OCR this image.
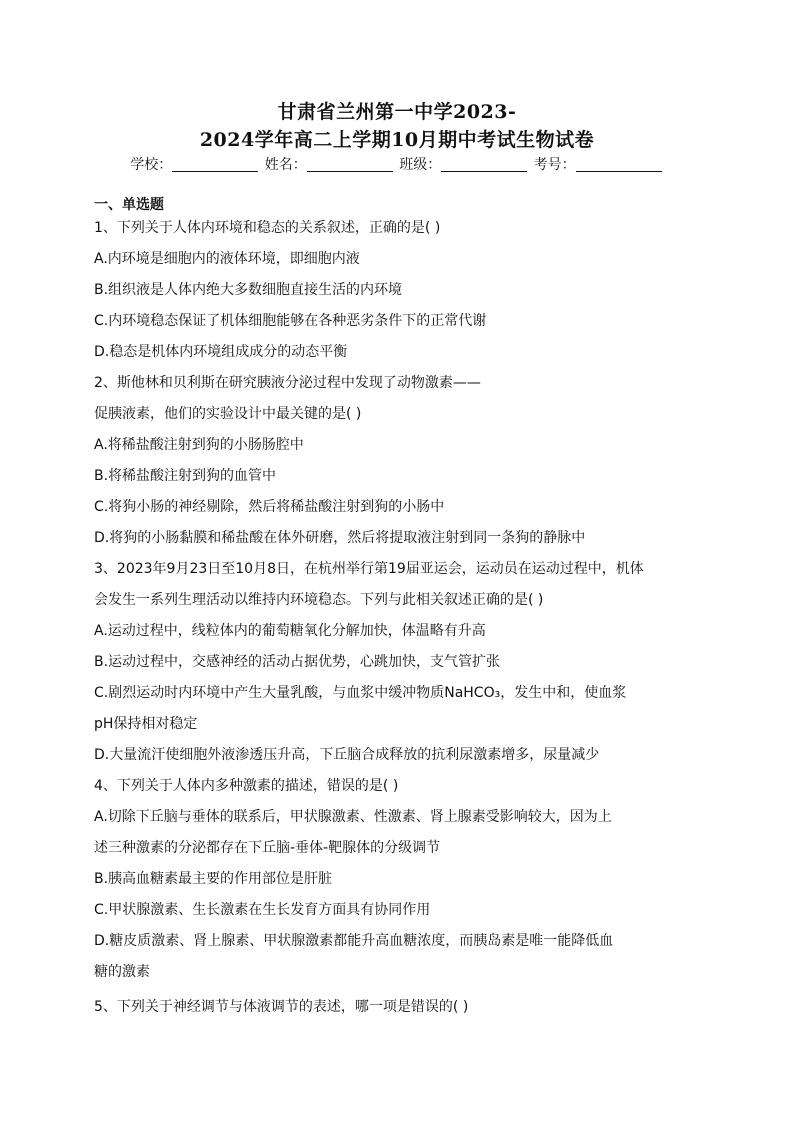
甘肃省兰州第一中学2023-
2024学年高二上学期10月期中考试生物试卷
学校：	姓名：	班级：	考号：
一、单选题
1、下列关于人体内环境和稳态的关系叙述，正确的是( )
A.内环境是细胞内的液体环境，即细胞内液
B.组织液是人体内绝大多数细胞直接生活的内环境
C.内环境稳态保证了机体细胞能够在各种恶劣条件下的正常代谢
D.稳态是机体内环境组成成分的动态平衡
2、斯他林和贝利斯在研究胰液分泌过程中发现了动物激素——
促胰液素，他们的实验设计中最关键的是( )
A.将稀盐酸注射到狗的小肠肠腔中
B.将稀盐酸注射到狗的血管中
C.将狗小肠的神经剔除，然后将稀盐酸注射到狗的小肠中
D.将狗的小肠黏膜和稀盐酸在体外研磨，然后将提取液注射到同一条狗的静脉中
3、2023年9月23日至10月8日，在杭州举行第19届亚运会，运动员在运动过程中，机体
会发生一系列生理活动以维持内环境稳态。下列与此相关叙述正确的是( )
A.运动过程中，线粒体内的葡萄糖氧化分解加快，体温略有升高
B.运动过程中，交感神经的活动占据优势，心跳加快，支气管扩张
C.剧烈运动时内环境中产生大量乳酸，与血浆中缓冲物质NaHCO₃，发生中和，使血浆
pH保持相对稳定
D.大量流汗使细胞外液渗透压升高，下丘脑合成释放的抗利尿激素增多，尿量减少
4、下列关于人体内多种激素的描述，错误的是( )
A.切除下丘脑与垂体的联系后，甲状腺激素、性激素、肾上腺素受影响较大，因为上
述三种激素的分泌都存在下丘脑-垂体-靶腺体的分级调节
B.胰高血糖素最主要的作用部位是肝脏
C.甲状腺激素、生长激素在生长发育方面具有协同作用
D.糖皮质激素、肾上腺素、甲状腺激素都能升高血糖浓度，而胰岛素是唯一能降低血
糖的激素
5、下列关于神经调节与体液调节的表述，哪一项是错误的( )
